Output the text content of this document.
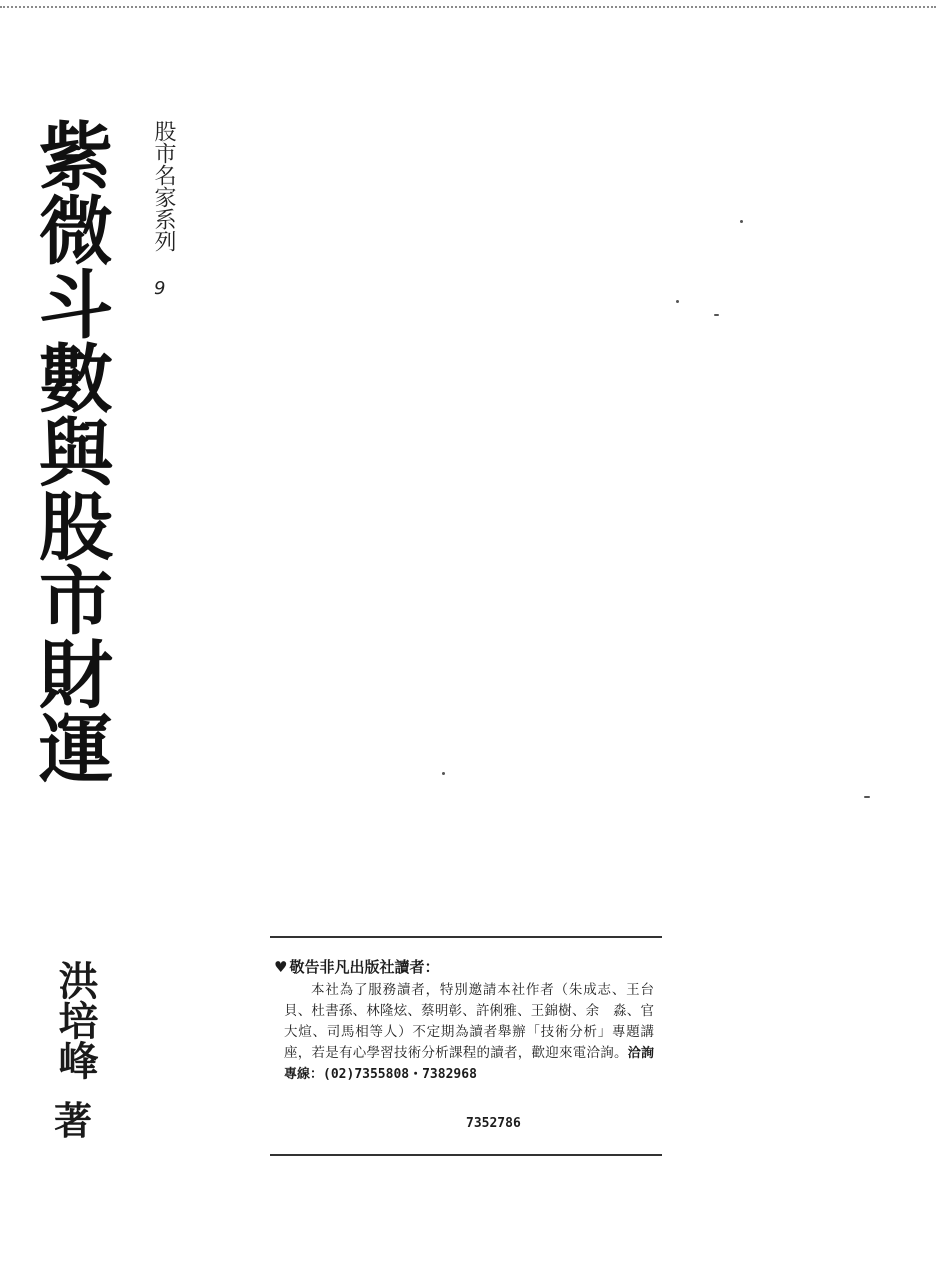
紫微斗數與股市財運 股市名家系列
9
洪培峰
著
♥ 敬告非凡出版社讀者：
本社為了服務讀者，特別邀請本社作者（朱成志、王台貝、杜書孫、林隆炫、蔡明彰、許俐雅、王錦樹、余　淼、官大煊、司馬相等人）不定期為讀者舉辦「技術分析」專題講座，若是有心學習技術分析課程的讀者，歡迎來電洽詢。洽詢專線：(02)7355808・7382968
7352786
